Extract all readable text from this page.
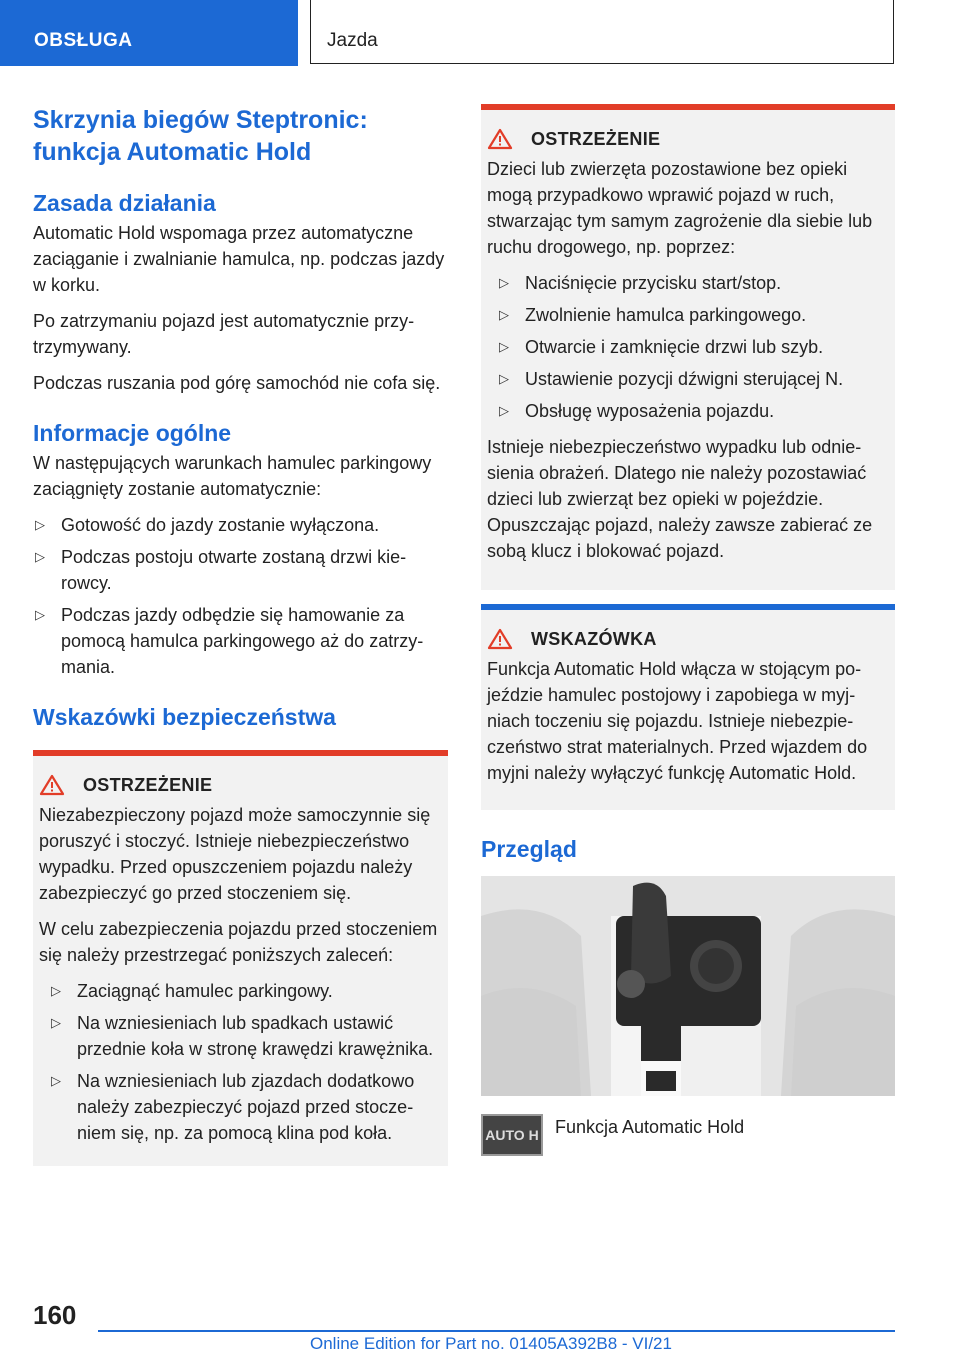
OBSŁUGA	Jazda
Skrzynia biegów Steptronic: funkcja Automatic Hold
Zasada działania

Automatic Hold wspomaga przez automatyczne zaciąganie i zwalnianie hamulca, np. podczas jazdy w korku.

Po zatrzymaniu pojazd jest automatycznie przytrzymywany.

Podczas ruszania pod górę samochód nie cofa się.

Informacje ogólne

W następujących warunkach hamulec parkingowy zaciągnięty zostanie automatycznie:

▷ Gotowość do jazdy zostanie wyłączona.
▷ Podczas postoju otwarte zostaną drzwi kierowcy.
▷ Podczas jazdy odbędzie się hamowanie za pomocą hamulca parkingowego aż do zatrzymania.
Wskazówki bezpieczeństwa
OSTRZEŻENIE

Niezabezpieczony pojazd może samoczynnie się poruszyć i stoczyć. Istnieje niebezpieczeństwo wypadku. Przed opuszczeniem pojazdu należy zabezpieczyć go przed stoczeniem się.

W celu zabezpieczenia pojazdu przed stoczeniem się należy przestrzegać poniższych zaleceń:

▷ Zaciągnąć hamulec parkingowy.
▷ Na wzniesieniach lub spadkach ustawić przednie koła w stronę krawędzi krawężnika.
▷ Na wzniesieniach lub zjazdach dodatkowo należy zabezpieczyć pojazd przed stoczeniem się, np. za pomocą klina pod koła.
OSTRZEŻENIE

Dzieci lub zwierzęta pozostawione bez opieki mogą przypadkowo wprawić pojazd w ruch, stwarzając tym samym zagrożenie dla siebie lub ruchu drogowego, np. poprzez:

▷ Naciśnięcie przycisku start/stop.
▷ Zwolnienie hamulca parkingowego.
▷ Otwarcie i zamknięcie drzwi lub szyb.
▷ Ustawienie pozycji dźwigni sterującej N.
▷ Obsługę wyposażenia pojazdu.

Istnieje niebezpieczeństwo wypadku lub odniesienia obrażeń. Dlatego nie należy pozostawiać dzieci lub zwierząt bez opieki w pojeździe. Opuszczając pojazd, należy zawsze zabierać ze sobą klucz i blokować pojazd.

WSKAZÓWKA

Funkcja Automatic Hold włącza w stojącym pojeździe hamulec postojowy i zapobiega w myjniach toczeniu się pojazdu. Istnieje niebezpieczeństwo strat materialnych. Przed wjazdem do myjni należy wyłączyć funkcję Automatic Hold.

Przegląd
AUTO H Funkcja Automatic Hold

160
Online Edition for Part no. 01405A392B8 - VI/21
